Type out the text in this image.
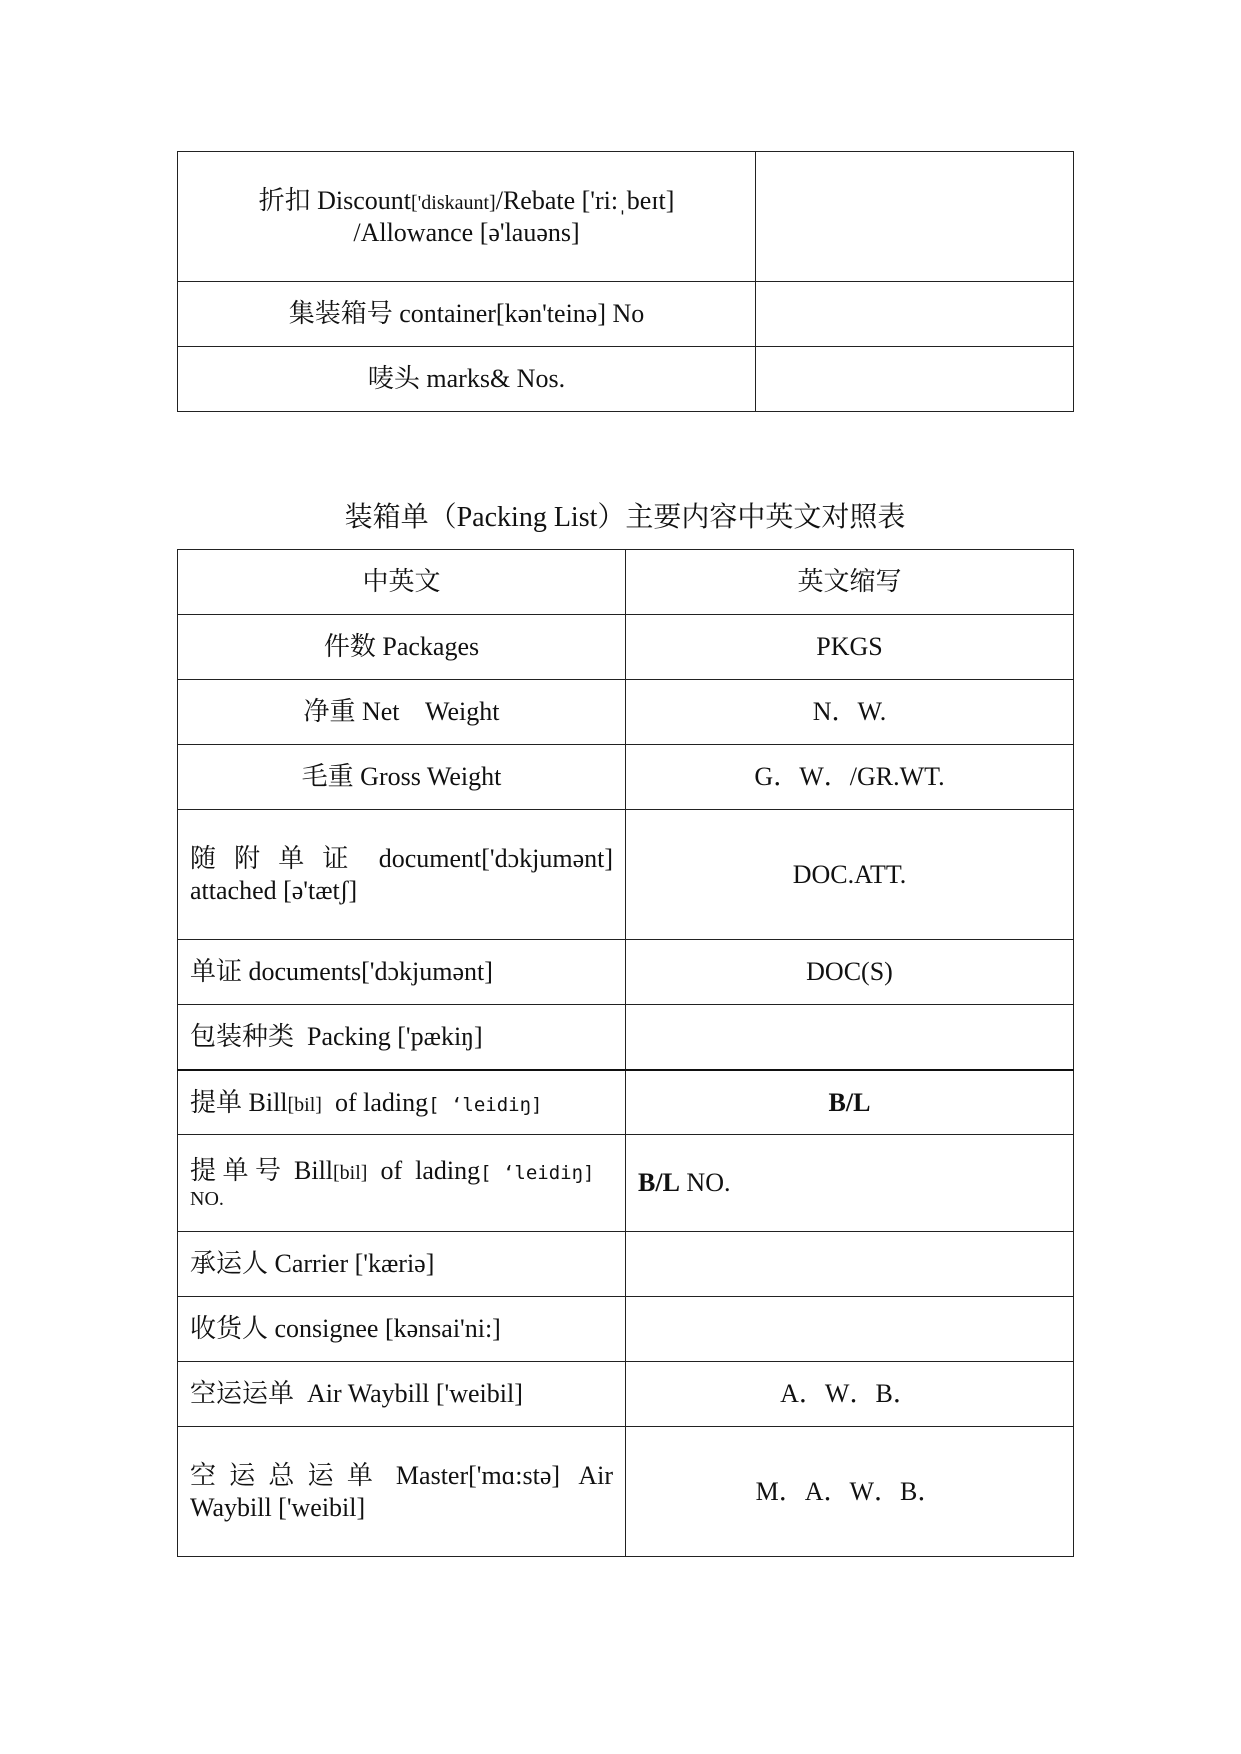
折扣 Discount['diskaunt]/Rebate ['ri:ˌbeɪt]
/Allowance [ə'lauəns]	

集装箱号 container[kən'teinə] No	
唛头 marks& Nos.	
装箱单（Packing List）主要内容中英文对照表
中英文	英文缩写
件数 Packages	PKGS
净重 Net    Weight	N．W.
毛重 Gross Weight	G．W．/GR.WT.

随 附 单 证  document['dɔkjumənt]
attached [ə'tætʃ]	DOC.ATT.
单证 documents['dɔkjumənt]	DOC(S)
包装种类  Packing ['pækiŋ]	
提单 Bill[bil]  of lading[ ‘leidiŋ]	B/L

提 单 号  Bill[bil]  of  lading[ ‘leidiŋ]
NO.	B/L NO.
承运人 Carrier ['kæriə]	
收货人 consignee [kənsai'ni:]	
空运运单  Air Waybill ['weibil]	A．W．B．

空 运 总 运 单  Master['mɑ:stə]  Air
Waybill ['weibil]	M．A．W．B．
